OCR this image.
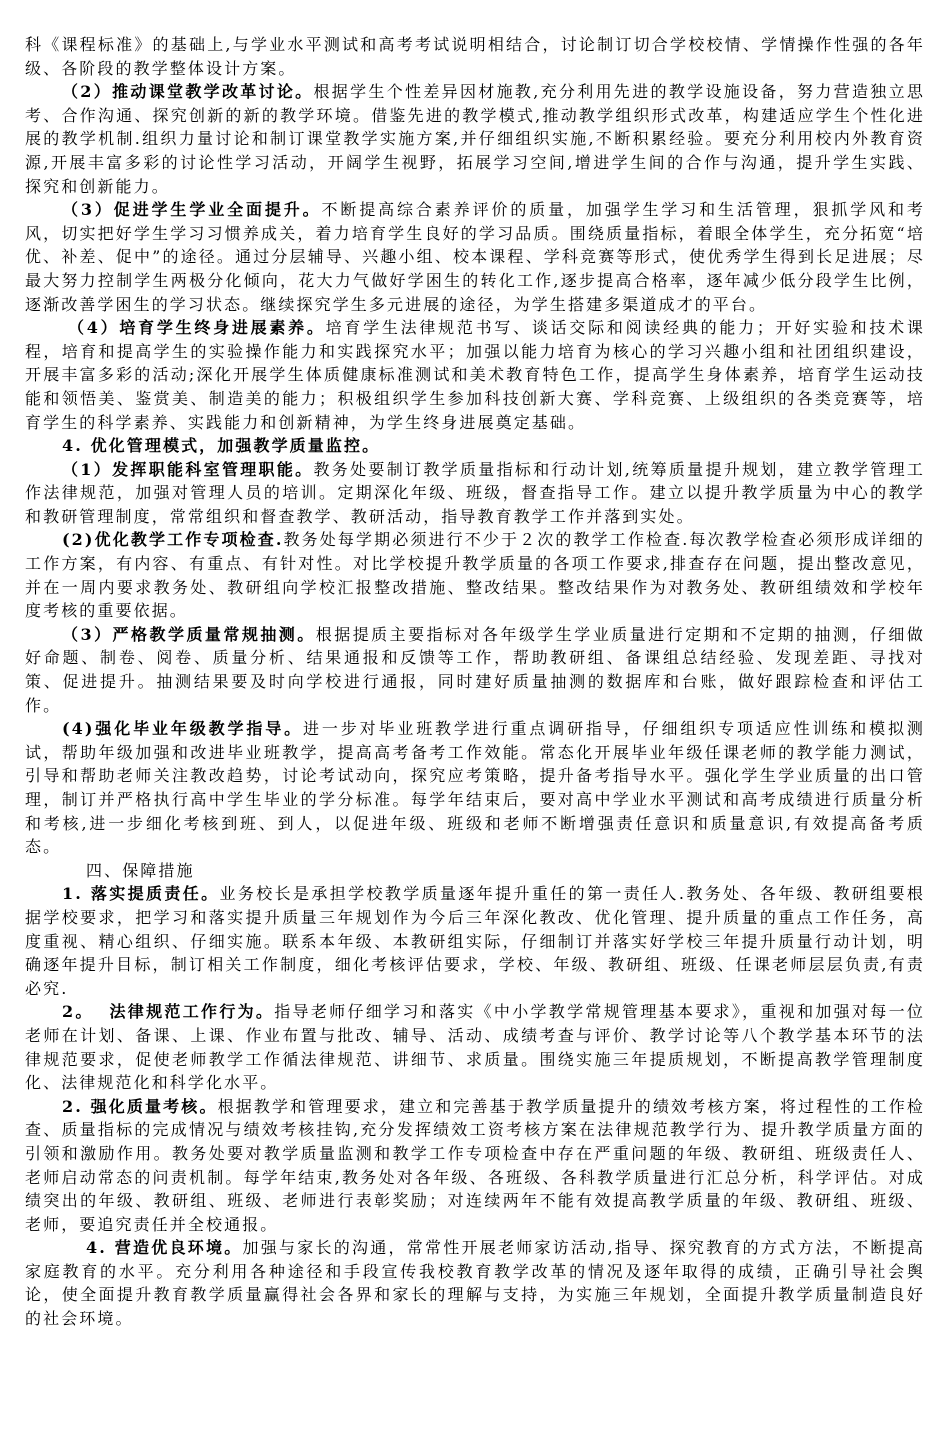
科《课程标准》的基础上,与学业水平测试和高考考试说明相结合，讨论制订切合学校校情、学情操作性强的各年级、各阶段的教学整体设计方案。

（2）推动课堂教学改革讨论。根据学生个性差异因材施教,充分利用先进的教学设施设备，努力营造独立思考、合作沟通、探究创新的新的教学环境。借鉴先进的教学模式,推动教学组织形式改革，构建适应学生个性化进展的教学机制.组织力量讨论和制订课堂教学实施方案,并仔细组织实施,不断积累经验。要充分利用校内外教育资源,开展丰富多彩的讨论性学习活动，开阔学生视野，拓展学习空间,增进学生间的合作与沟通，提升学生实践、探究和创新能力。

（3）促进学生学业全面提升。不断提高综合素养评价的质量，加强学生学习和生活管理，狠抓学风和考风，切实把好学生学习习惯养成关，着力培育学生良好的学习品质。围绕质量指标，着眼全体学生，充分拓宽“培优、补差、促中”的途径。通过分层辅导、兴趣小组、校本课程、学科竞赛等形式，使优秀学生得到长足进展；尽最大努力控制学生两极分化倾向，花大力气做好学困生的转化工作,逐步提高合格率，逐年减少低分段学生比例，逐渐改善学困生的学习状态。继续探究学生多元进展的途径，为学生搭建多渠道成才的平台。

（4）培育学生终身进展素养。培育学生法律规范书写、谈话交际和阅读经典的能力；开好实验和技术课程，培育和提高学生的实验操作能力和实践探究水平；加强以能力培育为核心的学习兴趣小组和社团组织建设，开展丰富多彩的活动;深化开展学生体质健康标准测试和美术教育特色工作，提高学生身体素养，培育学生运动技能和领悟美、鉴赏美、制造美的能力；积极组织学生参加科技创新大赛、学科竞赛、上级组织的各类竞赛等，培育学生的科学素养、实践能力和创新精神，为学生终身进展奠定基础。

4. 优化管理模式，加强教学质量监控。

（1）发挥职能科室管理职能。教务处要制订教学质量指标和行动计划,统筹质量提升规划，建立教学管理工作法律规范，加强对管理人员的培训。定期深化年级、班级，督查指导工作。建立以提升教学质量为中心的教学和教研管理制度，常常组织和督查教学、教研活动，指导教育教学工作并落到实处。

(2)优化教学工作专项检查.教务处每学期必须进行不少于２次的教学工作检查.每次教学检查必须形成详细的工作方案，有内容、有重点、有针对性。对比学校提升教学质量的各项工作要求,排查存在问题，提出整改意见，并在一周内要求教务处、教研组向学校汇报整改措施、整改结果。整改结果作为对教务处、教研组绩效和学校年度考核的重要依据。

（3）严格教学质量常规抽测。根据提质主要指标对各年级学生学业质量进行定期和不定期的抽测，仔细做好命题、制卷、阅卷、质量分析、结果通报和反馈等工作，帮助教研组、备课组总结经验、发现差距、寻找对策、促进提升。抽测结果要及时向学校进行通报，同时建好质量抽测的数据库和台账，做好跟踪检查和评估工作。

(4)强化毕业年级教学指导。进一步对毕业班教学进行重点调研指导，仔细组织专项适应性训练和模拟测试，帮助年级加强和改进毕业班教学，提高高考备考工作效能。常态化开展毕业年级任课老师的教学能力测试，引导和帮助老师关注教改趋势，讨论考试动向，探究应考策略，提升备考指导水平。强化学生学业质量的出口管理，制订并严格执行高中学生毕业的学分标准。每学年结束后，要对高中学业水平测试和高考成绩进行质量分析和考核,进一步细化考核到班、到人，以促进年级、班级和老师不断增强责任意识和质量意识,有效提高备考质态。

四、保障措施

1. 落实提质责任。业务校长是承担学校教学质量逐年提升重任的第一责任人.教务处、各年级、教研组要根据学校要求，把学习和落实提升质量三年规划作为今后三年深化教改、优化管理、提升质量的重点工作任务，高度重视、精心组织、仔细实施。联系本年级、本教研组实际，仔细制订并落实好学校三年提升质量行动计划，明确逐年提升目标，制订相关工作制度，细化考核评估要求，学校、年级、教研组、班级、任课老师层层负责,有责必究.

2。  法律规范工作行为。指导老师仔细学习和落实《中小学教学常规管理基本要求》，重视和加强对每一位老师在计划、备课、上课、作业布置与批改、辅导、活动、成绩考查与评价、教学讨论等八个教学基本环节的法律规范要求，促使老师教学工作循法律规范、讲细节、求质量。围绕实施三年提质规划，不断提高教学管理制度化、法律规范化和科学化水平。

2. 强化质量考核。根据教学和管理要求，建立和完善基于教学质量提升的绩效考核方案，将过程性的工作检查、质量指标的完成情况与绩效考核挂钩,充分发挥绩效工资考核方案在法律规范教学行为、提升教学质量方面的引领和激励作用。教务处要对教学质量监测和教学工作专项检查中存在严重问题的年级、教研组、班级责任人、老师启动常态的问责机制。每学年结束,教务处对各年级、各班级、各科教学质量进行汇总分析，科学评估。对成绩突出的年级、教研组、班级、老师进行表彰奖励；对连续两年不能有效提高教学质量的年级、教研组、班级、老师，要追究责任并全校通报。

4. 营造优良环境。加强与家长的沟通，常常性开展老师家访活动,指导、探究教育的方式方法，不断提高家庭教育的水平。充分利用各种途径和手段宣传我校教育教学改革的情况及逐年取得的成绩，正确引导社会舆论，使全面提升教育教学质量赢得社会各界和家长的理解与支持，为实施三年规划，全面提升教学质量制造良好的社会环境。
